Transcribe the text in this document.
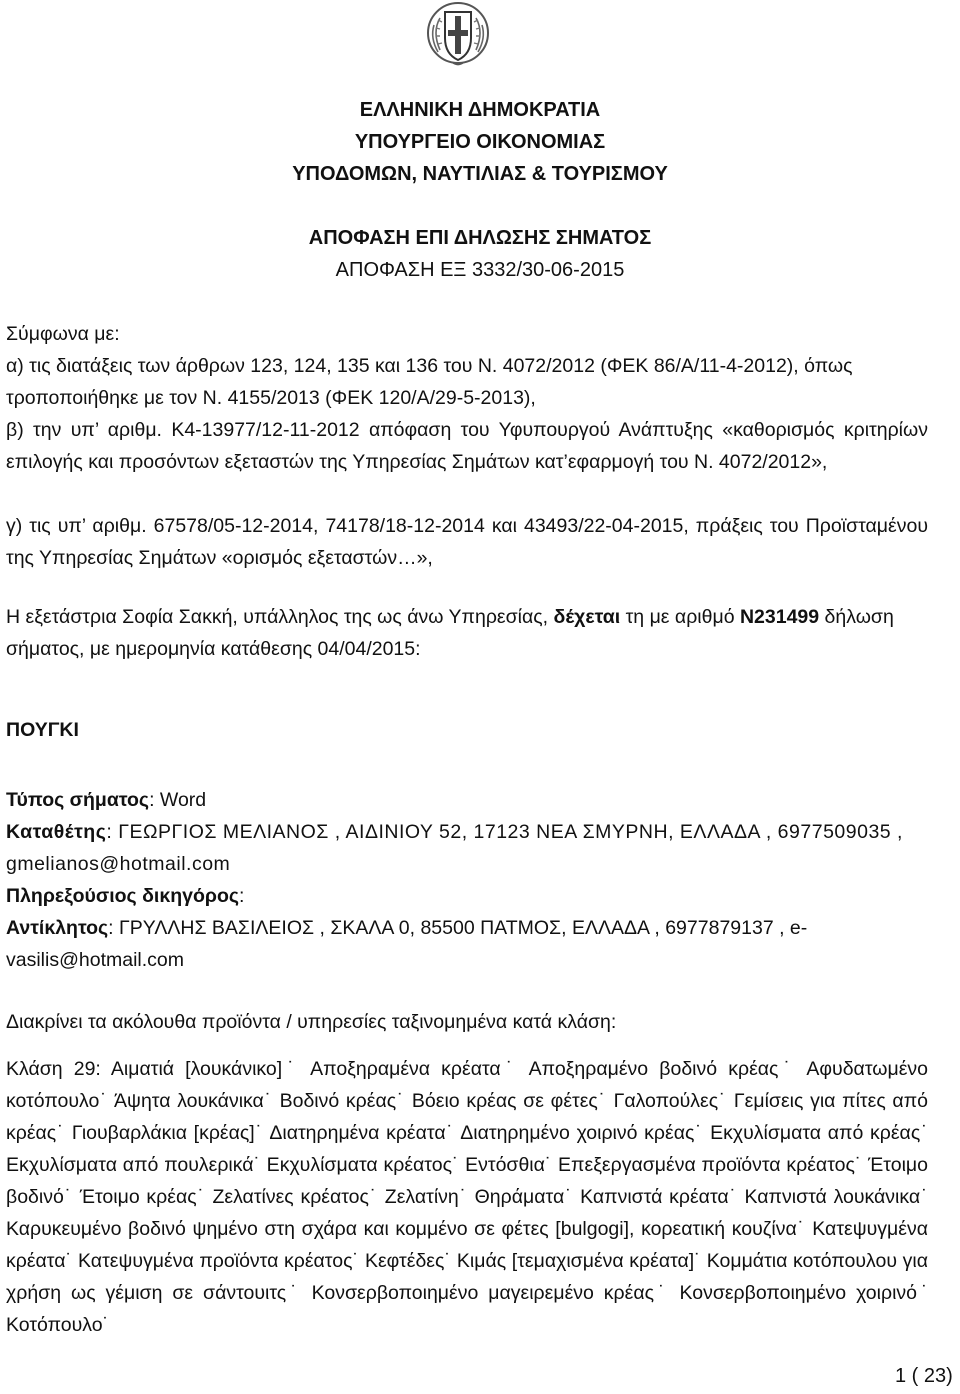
ΕΛΛΗΝΙΚΗ ΔΗΜΟΚΡΑΤΙΑ
ΥΠΟΥΡΓΕΙΟ ΟΙΚΟΝΟΜΙΑΣ
ΥΠΟΔΟΜΩΝ, ΝΑΥΤΙΛΙΑΣ & ΤΟΥΡΙΣΜΟΥ
ΑΠΟΦΑΣΗ ΕΠΙ ΔΗΛΩΣΗΣ ΣΗΜΑΤΟΣ
ΑΠΟΦΑΣΗ ΕΞ 3332/30-06-2015

Σύμφωνα με:

α) τις διατάξεις των άρθρων 123, 124, 135 και 136 του Ν. 4072/2012 (ΦΕΚ 86/Α/11-4-2012), όπως τροποποιήθηκε με τον Ν. 4155/2013 (ΦΕΚ 120/Α/29-5-2013),

β) την υπ’ αριθμ. Κ4-13977/12-11-2012 απόφαση του Υφυπουργού Ανάπτυξης «καθορισμός κριτηρίων επιλογής και προσόντων εξεταστών της Υπηρεσίας Σημάτων κατ’εφαρμογή του Ν. 4072/2012»,

γ) τις υπ’ αριθμ. 67578/05-12-2014, 74178/18-12-2014 και 43493/22-04-2015, πράξεις του Προϊσταμένου της Υπηρεσίας Σημάτων «ορισμός εξεταστών…»,

Η εξετάστρια Σοφία Σακκή, υπάλληλος της ως άνω Υπηρεσίας, δέχεται τη με αριθμό Ν231499 δήλωση σήματος, με ημερομηνία κατάθεσης 04/04/2015:

ΠΟΥΓΚΙ

Τύπος σήματος: Word

Καταθέτης: ΓΕΩΡΓΙΟΣ ΜΕΛΙΑΝΟΣ , ΑΙΔΙΝΙΟΥ 52, 17123 ΝΕΑ ΣΜΥΡΝΗ, ΕΛΛΑΔΑ , 6977509035 , gmelianos@hotmail.com

Πληρεξούσιος δικηγόρος:

Αντίκλητος: ΓΡΥΛΛΗΣ ΒΑΣΙΛΕΙΟΣ , ΣΚΑΛΑ 0, 85500 ΠΑΤΜΟΣ, ΕΛΛΑΔΑ , 6977879137 , e-vasilis@hotmail.com

Διακρίνει τα ακόλουθα προϊόντα / υπηρεσίες ταξινομημένα κατά κλάση:

Κλάση 29: Αιματιά [λουκάνικο]˙ Αποξηραμένα κρέατα˙ Αποξηραμένο βοδινό κρέας˙ Αφυδατωμένο κοτόπουλο˙ Άψητα λουκάνικα˙ Βοδινό κρέας˙ Βόειο κρέας σε φέτες˙ Γαλοπούλες˙ Γεμίσεις για πίτες από κρέας˙ Γιουβαρλάκια [κρέας]˙ Διατηρημένα κρέατα˙ Διατηρημένο χοιρινό κρέας˙ Εκχυλίσματα από κρέας˙ Εκχυλίσματα από πουλερικά˙ Εκχυλίσματα κρέατος˙ Εντόσθια˙ Επεξεργασμένα προϊόντα κρέατος˙ Έτοιμο βοδινό˙ Έτοιμο κρέας˙ Ζελατίνες κρέατος˙ Ζελατίνη˙ Θηράματα˙ Καπνιστά κρέατα˙ Καπνιστά λουκάνικα˙ Καρυκευμένο βοδινό ψημένο στη σχάρα και κομμένο σε φέτες [bulgogi], κορεατική κουζίνα˙ Κατεψυγμένα κρέατα˙ Κατεψυγμένα προϊόντα κρέατος˙ Κεφτέδες˙ Κιμάς [τεμαχισμένα κρέατα]˙ Κομμάτια κοτόπουλου για χρήση ως γέμιση σε σάντουιτς˙ Κονσερβοποιημένο μαγειρεμένο κρέας˙ Κονσερβοποιημένο χοιρινό˙ Κοτόπουλο˙

1 ( 23)
